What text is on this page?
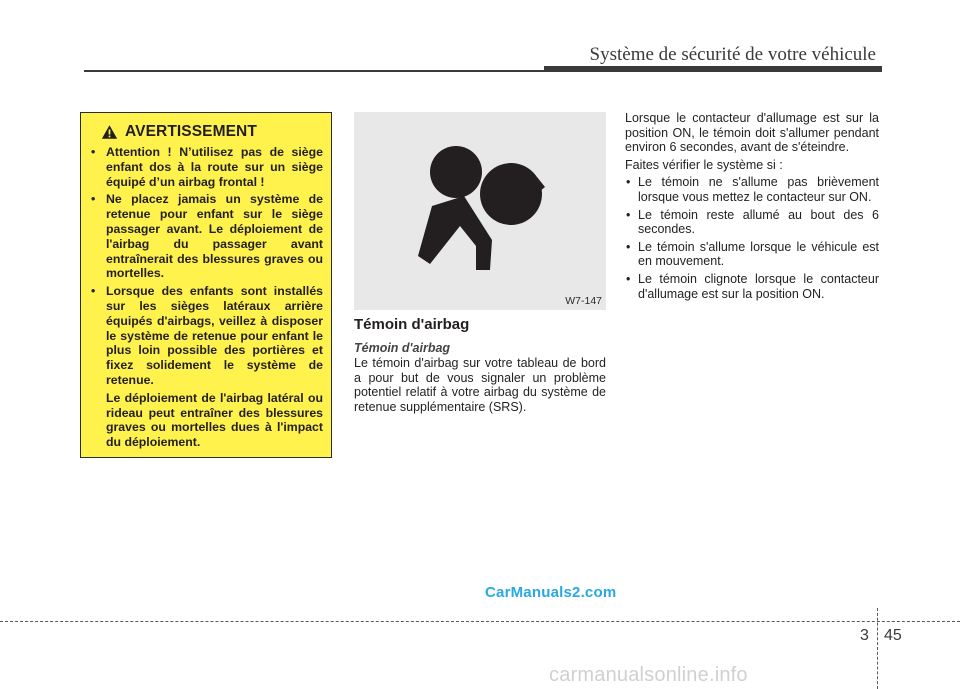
Système de sécurité de votre véhicule
AVERTISSEMENT
• Attention ! N’utilisez pas de siège enfant dos à la route sur un siège équipé d’un airbag frontal !
• Ne placez jamais un système de retenue pour enfant sur le siège passager avant. Le déploiement de l'airbag du passager avant entraînerait des blessures graves ou mortelles.
• Lorsque des enfants sont installés sur les sièges latéraux arrière équipés d'airbags, veillez à disposer le système de retenue pour enfant le plus loin possible des portières et fixez solidement le système de retenue.
Le déploiement de l'airbag latéral ou rideau peut entraîner des blessures graves ou mortelles dues à l'impact du déploiement.
W7-147
Témoin d'airbag

Témoin d'airbag

Le témoin d'airbag sur votre tableau de bord a pour but de vous signaler un problème potentiel relatif à votre airbag du système de retenue supplémentaire (SRS).

Lorsque le contacteur d'allumage est sur la position ON, le témoin doit s'allumer pendant environ 6 secondes, avant de s'éteindre.

Faites vérifier le système si :

• Le témoin ne s'allume pas brièvement lorsque vous mettez le contacteur sur ON.
• Le témoin reste allumé au bout des 6 secondes.
• Le témoin s'allume lorsque le véhicule est en mouvement.
• Le témoin clignote lorsque le contacteur d'allumage est sur la position ON.
CarManuals2.com
3 45
carmanualsonline.info
